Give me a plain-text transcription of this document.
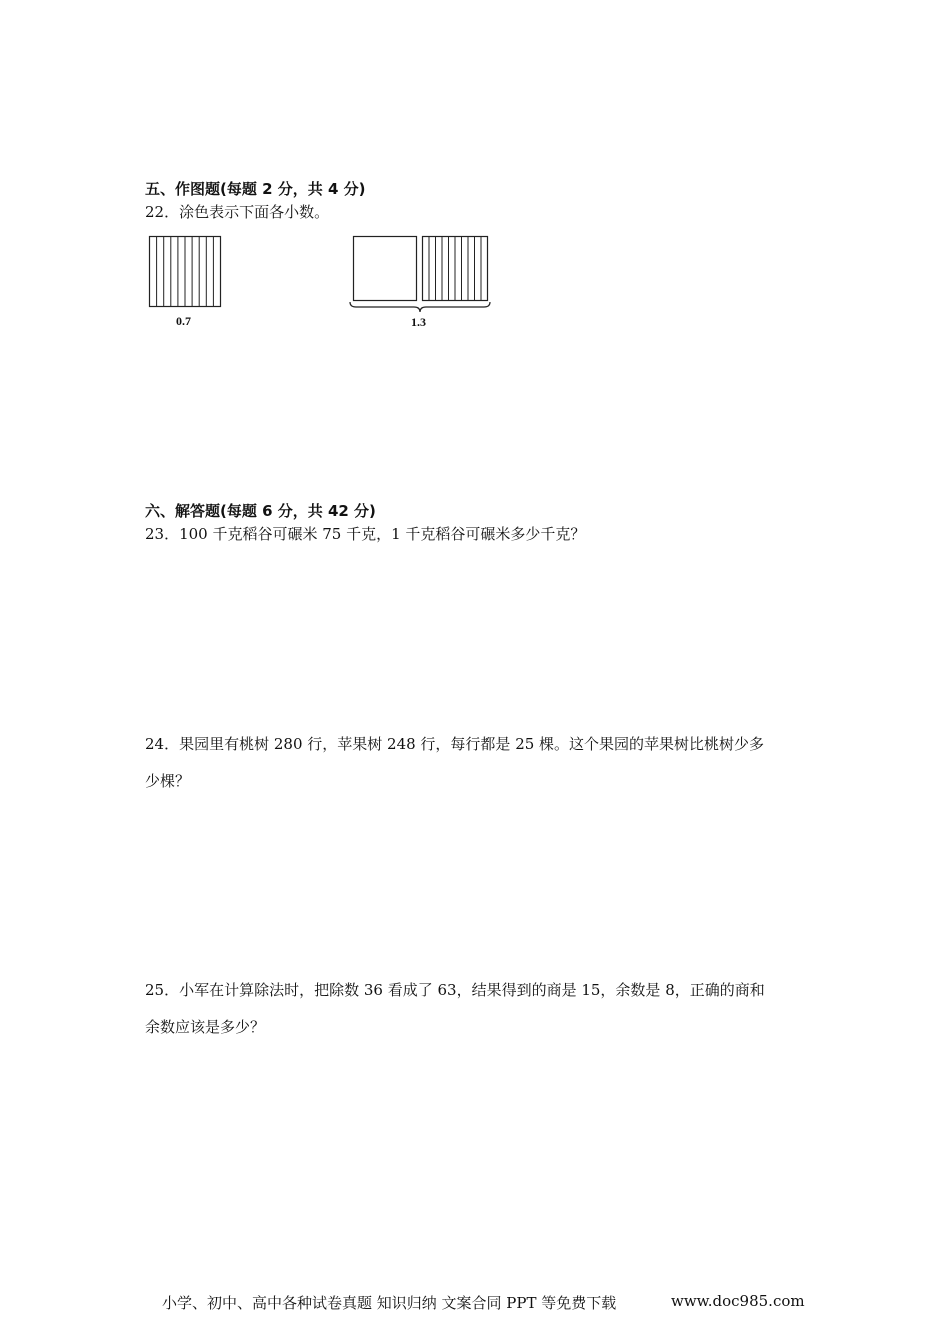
五、作图题(每题 2 分，共 4 分)
22．涂色表示下面各小数。
0.7	1.3
六、解答题(每题 6 分，共 42 分)
23．100 千克稻谷可碾米 75 千克，1 千克稻谷可碾米多少千克？
24．果园里有桃树 280 行，苹果树 248 行，每行都是 25 棵。这个果园的苹果树比桃树少多
少棵？
25．小军在计算除法时，把除数 36 看成了 63，结果得到的商是 15，余数是 8，正确的商和
余数应该是多少？
小学、初中、高中各种试卷真题 知识归纳 文案合同 PPT 等免费下载	www.doc985.com
